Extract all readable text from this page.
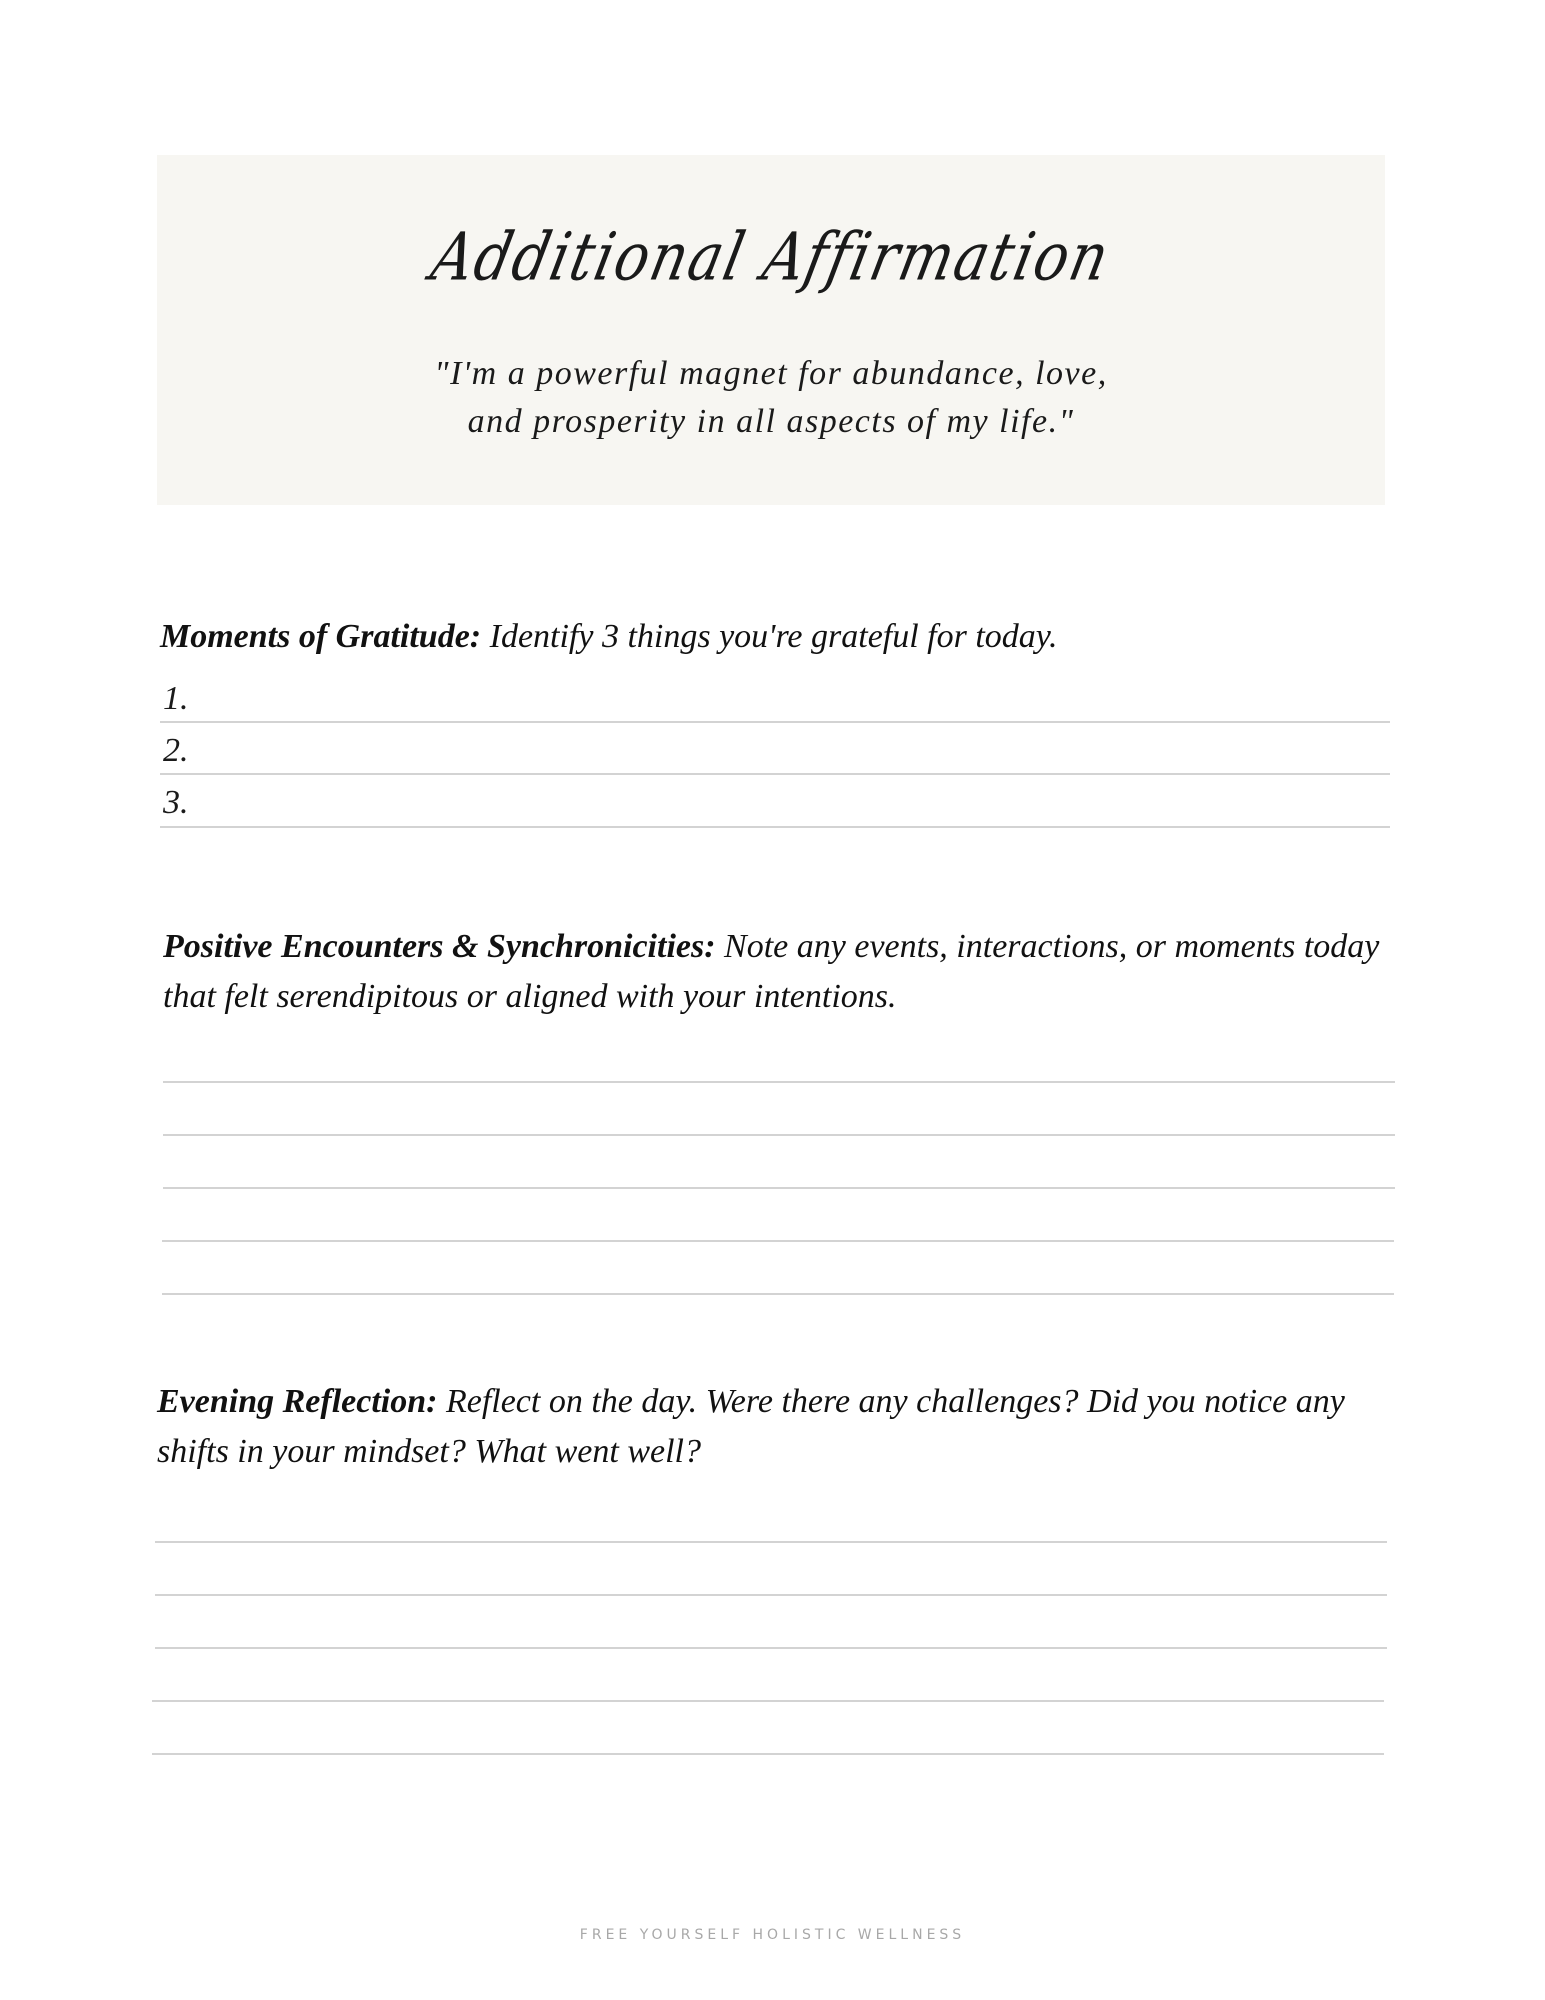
Additional Affirmation
"I'm a powerful magnet for abundance, love,
and prosperity in all aspects of my life."
Moments of Gratitude: Identify 3 things you're grateful for today.
1.
2.
3.
Positive Encounters & Synchronicities: Note any events, interactions, or moments today that felt serendipitous or aligned with your intentions.
Evening Reflection: Reflect on the day. Were there any challenges? Did you notice any shifts in your mindset? What went well?
FREE YOURSELF HOLISTIC WELLNESS
